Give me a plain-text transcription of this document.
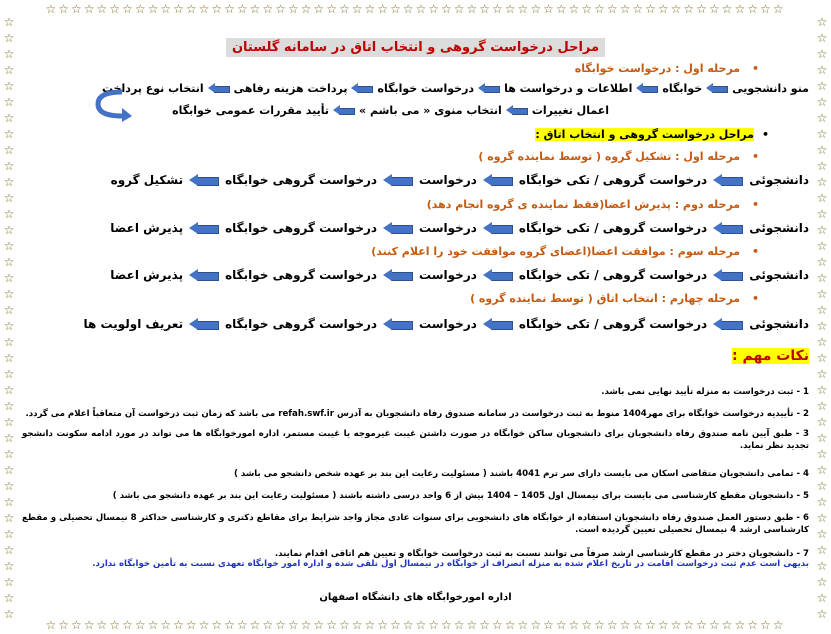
☆☆☆☆☆☆☆☆☆☆☆☆☆☆☆☆☆☆☆☆☆☆☆☆☆☆☆☆☆☆☆☆☆☆☆☆☆☆☆☆☆☆☆☆☆☆☆☆☆☆☆☆☆☆☆☆☆☆
☆☆☆☆☆☆☆☆☆☆☆☆☆☆☆☆☆☆☆☆☆☆☆☆☆☆☆☆☆☆☆☆☆☆☆☆☆☆☆☆☆☆☆☆☆☆☆☆☆☆☆☆☆☆☆☆☆☆
☆☆☆☆☆☆☆☆☆☆☆☆☆☆☆☆☆☆☆☆☆☆☆☆☆☆☆☆☆☆☆☆☆☆☆☆☆☆
☆☆☆☆☆☆☆☆☆☆☆☆☆☆☆☆☆☆☆☆☆☆☆☆☆☆☆☆☆☆☆☆☆☆☆☆☆☆
مراحل درخواست گروهی و انتخاب اتاق در سامانه گلستان
• مرحله اول : درخواست خوابگاه
منو دانشجویی
خوابگاه
اطلاعات و درخواست ها
درخواست خوابگاه
پرداخت هزینه رفاهی
انتخاب نوع پرداخت
اعمال تغییرات
انتخاب منوی « می باشم »
تأیید مقررات عمومی خوابگاه
• مراحل درخواست گروهی و انتخاب اتاق :
• مرحله اول : تشکیل گروه ( توسط نماینده گروه )
دانشجوئی
درخواست گروهی / تکی خوابگاه
درخواست
درخواست گروهی خوابگاه
تشکیل گروه
• مرحله دوم : پذیرش اعضا(فقط نماینده ی گروه انجام دهد)
دانشجوئی
درخواست گروهی / تکی خوابگاه
درخواست
درخواست گروهی خوابگاه
پذیرش اعضا
• مرحله سوم : موافقت اعضا(اعضای گروه موافقت خود را اعلام کنند)
دانشجوئی
درخواست گروهی / تکی خوابگاه
درخواست
درخواست گروهی خوابگاه
پذیرش اعضا
• مرحله چهارم : انتخاب اتاق ( توسط نماینده گروه )
دانشجوئی
درخواست گروهی / تکی خوابگاه
درخواست
درخواست گروهی خوابگاه
تعریف اولویت ها
نکات مهم :
1 - ثبت درخواست به منزله تأیید نهایی نمی باشد.
2 - تأییدیه درخواست خوابگاه برای مهر1404 منوط به ثبت درخواست در سامانه صندوق رفاه دانشجویان به آدرس refah.swf.ir می باشد که زمان ثبت درخواست آن متعاقباً اعلام می گردد.
3 - طبق آیین نامه صندوق رفاه دانشجویان برای دانشجویان ساکن خوابگاه در صورت داشتن غیبت غیرموجه یا غیبت مستمر، اداره امورخوابگاه ها می تواند در مورد ادامه سکونت دانشجو تجدید نظر نماید.
4 - تمامی دانشجویان متقاضی اسکان می بایست دارای سر ترم 4041 باشند ( مسئولیت رعایت این بند بر عهده شخص دانشجو می باشد )
5 - دانشجویان مقطع کارشناسی می بایست برای نیمسال اول 1405 – 1404 بیش از 6 واحد درسی داشته باشند ( مسئولیت رعایت این بند بر عهده دانشجو می باشد )
6 - طبق دستور العمل صندوق رفاه دانشجویان استفاده از خوابگاه های دانشجویی برای سنوات عادی مجاز واجد شرایط برای مقاطع دکتری و کارشناسی حداکثر 8 نیمسال تحصیلی و مقطع کارشناسی ارشد 4 نیمسال تحصیلی تعیین گردیده است.
7 - دانشجویان دختر در مقطع کارشناسی ارشد صرفاً می توانند نسبت به ثبت درخواست خوابگاه و تعیین هم اتاقی اقدام نمایند.
بدیهی است عدم ثبت درخواست اقامت در تاریخ اعلام شده به منزله انصراف از خوابگاه در نیمسال اول تلقی شده و اداره امور خوابگاه تعهدی نسبت به تأمین خوابگاه ندارد.
اداره امورخوابگاه های دانشگاه اصفهان
